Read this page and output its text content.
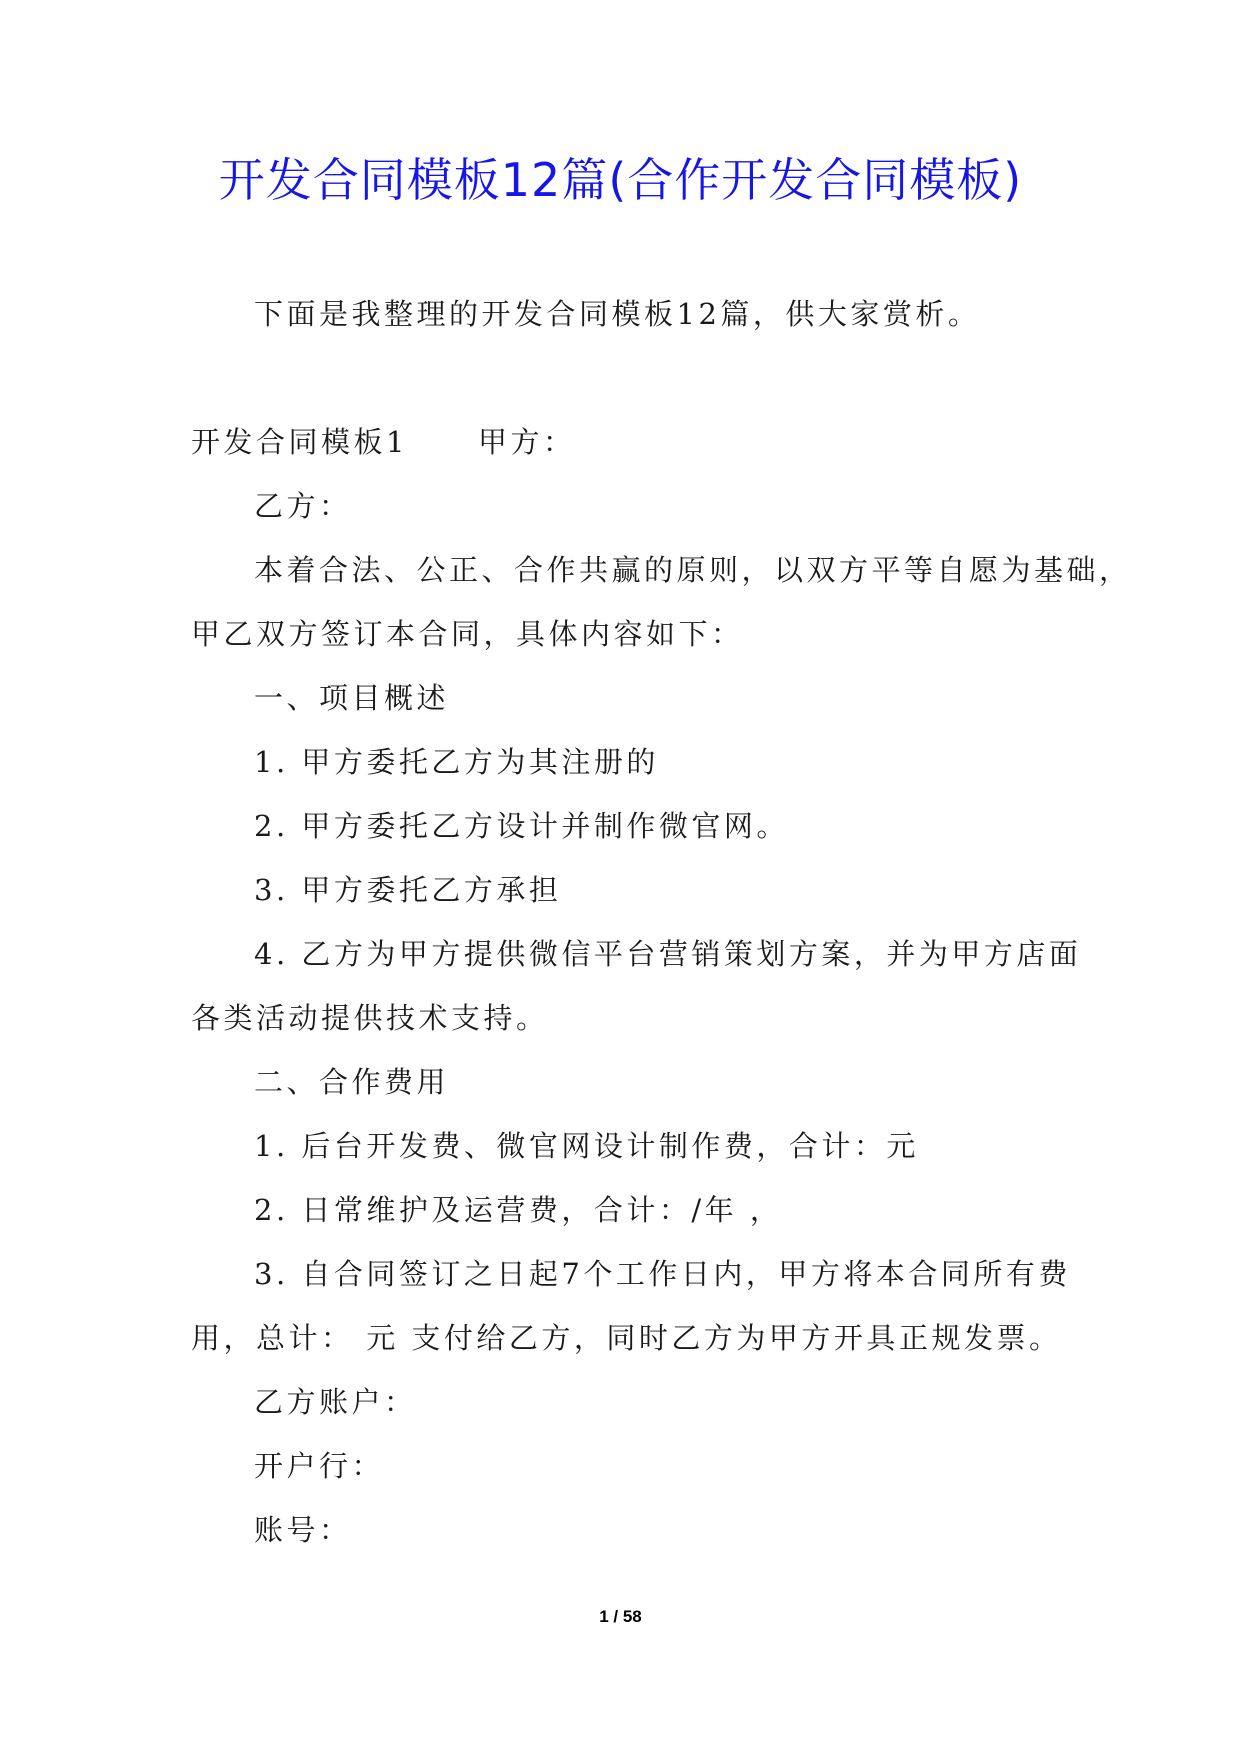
开发合同模板12篇(合作开发合同模板)

下面是我整理的开发合同模板12篇，供大家赏析。

开发合同模板1 甲方：

乙方：

本着合法、公正、合作共赢的原则，以双方平等自愿为基础，

甲乙双方签订本合同，具体内容如下：

一、项目概述

1. 甲方委托乙方为其注册的

2. 甲方委托乙方设计并制作微官网。

3. 甲方委托乙方承担

4. 乙方为甲方提供微信平台营销策划方案，并为甲方店面

各类活动提供技术支持。

二、合作费用

1. 后台开发费、微官网设计制作费，合计：元

2. 日常维护及运营费，合计：/年 ，

3. 自合同签订之日起7个工作日内，甲方将本合同所有费

用，总计： 元 支付给乙方，同时乙方为甲方开具正规发票。

乙方账户：

开户行：

账号：

1 / 58
